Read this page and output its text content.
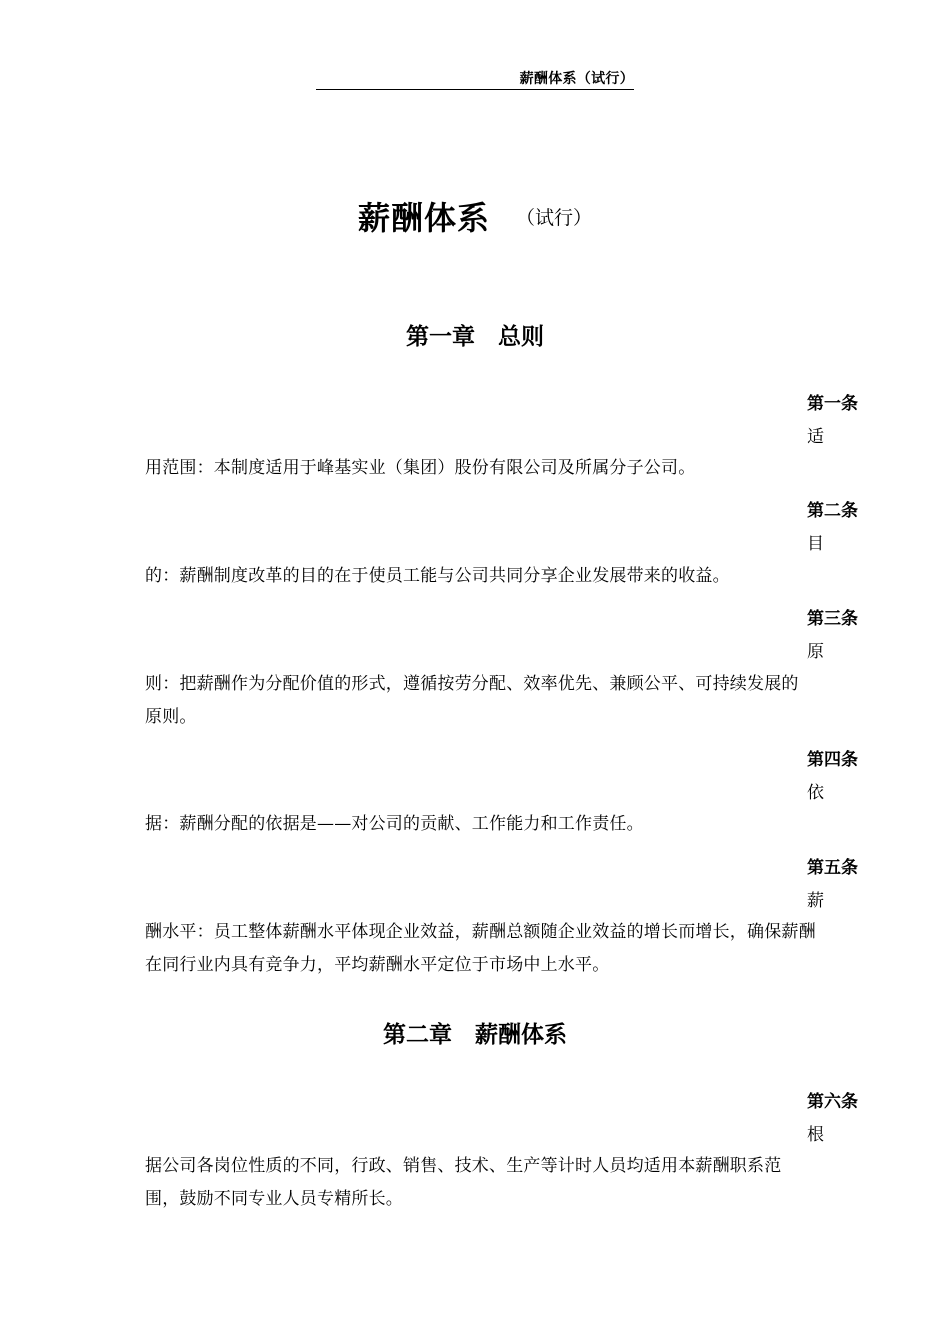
薪酬体系（试行）
薪酬体系 （试行）
第一章　总则
第一条
适
用范围：本制度适用于峰基实业（集团）股份有限公司及所属分子公司。
第二条
目
的：薪酬制度改革的目的在于使员工能与公司共同分享企业发展带来的收益。
第三条
原
则：把薪酬作为分配价值的形式，遵循按劳分配、效率优先、兼顾公平、可持续发展的原则。
第四条
依
据：薪酬分配的依据是——对公司的贡献、工作能力和工作责任。
第五条
薪
酬水平：员工整体薪酬水平体现企业效益，薪酬总额随企业效益的增长而增长，确保薪酬在同行业内具有竞争力，平均薪酬水平定位于市场中上水平。
第二章　薪酬体系
第六条
根
据公司各岗位性质的不同，行政、销售、技术、生产等计时人员均适用本薪酬职系范围，鼓励不同专业人员专精所长。
